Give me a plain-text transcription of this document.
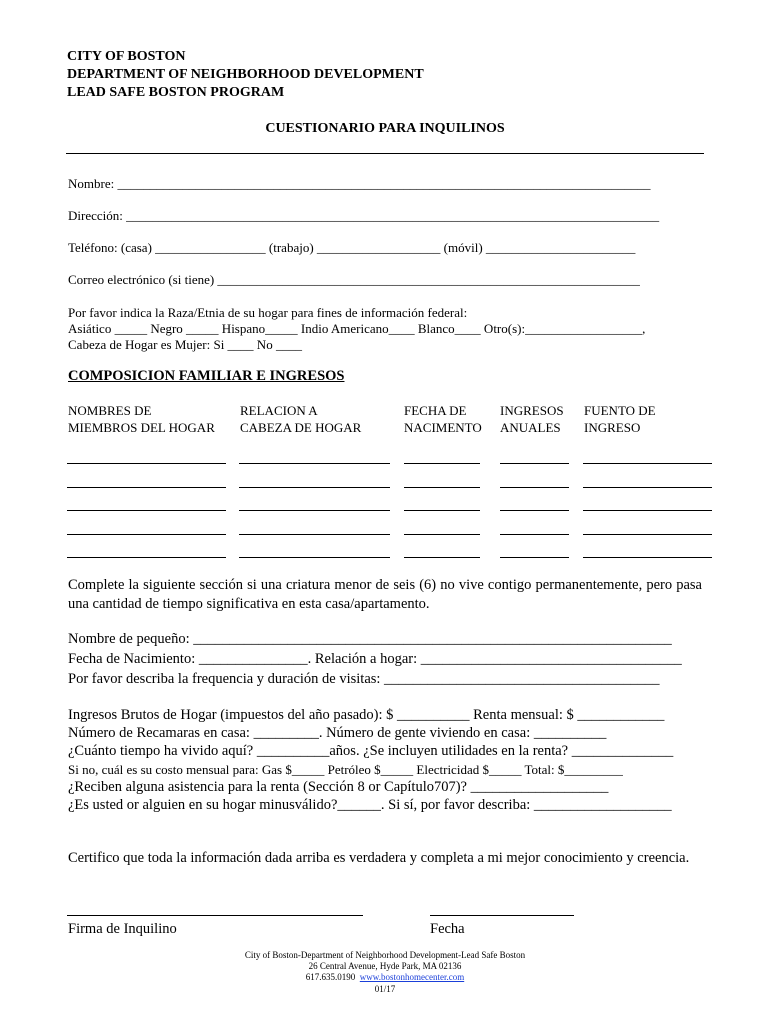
CITY OF BOSTON
DEPARTMENT OF NEIGHBORHOOD DEVELOPMENT
LEAD SAFE BOSTON PROGRAM
CUESTIONARIO PARA INQUILINOS
Nombre: __________________________________________________________________________________
Dirección: __________________________________________________________________________________
Teléfono: (casa) _________________ (trabajo) ___________________ (móvil) _______________________
Correo electrónico (si tiene) _________________________________________________________________
Por favor indica la Raza/Etnia de su hogar para fines de información federal:
Asiático _____ Negro _____ Hispano_____ Indio Americano____ Blanco____ Otro(s):__________________,
Cabeza de Hogar es Mujer: Si ____ No ____
COMPOSICION FAMILIAR E INGRESOS
NOMBRES DE
MIEMBROS DEL HOGAR
RELACION A
CABEZA DE HOGAR
FECHA DE
NACIMENTO
INGRESOS
ANUALES
FUENTO DE
INGRESO
Complete la siguiente sección si una criatura menor de seis (6) no vive contigo permanentemente, pero pasa una cantidad de tiempo significativa en esta casa/apartamento.
Nombre de pequeño: __________________________________________________________________
Fecha de Nacimiento: _______________. Relación a hogar: ____________________________________
Por favor describa la frequencia y duración de visitas: ______________________________________
Ingresos Brutos de Hogar (impuestos del año pasado): $ __________ Renta mensual: $ ____________
Número de Recamaras en casa: _________. Número de gente viviendo en casa: __________
¿Cuánto tiempo ha vivido aquí? __________años. ¿Se incluyen utilidades en la renta? ______________
Si no, cuál es su costo mensual para: Gas $_____ Petróleo $_____ Electricidad $_____ Total: $_________
¿Reciben alguna asistencia para la renta (Sección 8 or Capítulo707)? ___________________
¿Es usted or alguien en su hogar minusválido?______. Si sí, por favor describa: ___________________
Certifico que toda la información dada arriba es verdadera y completa a mi mejor conocimiento y creencia.
Firma de Inquilino	Fecha
City of Boston-Department of Neighborhood Development-Lead Safe Boston
26 Central Avenue, Hyde Park, MA 02136
617.635.0190 www.bostonhomecenter.com
01/17
